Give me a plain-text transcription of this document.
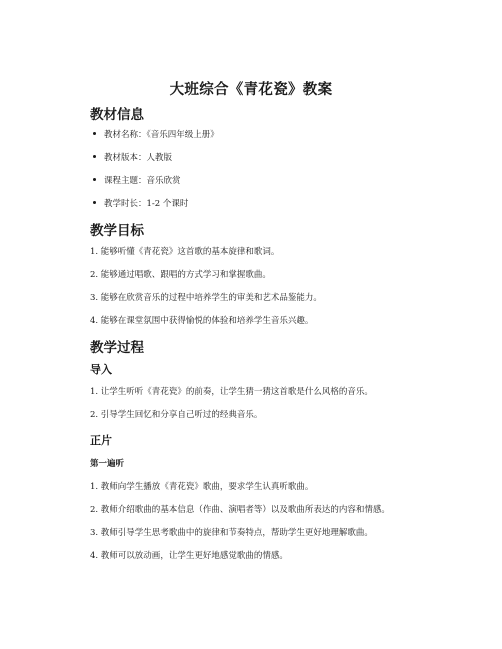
大班综合《青花瓷》教案
教材信息
教材名称：《音乐四年级上册》
教材版本：人教版
课程主题：音乐欣赏
教学时长：1-2 个课时
教学目标
1. 能够听懂《青花瓷》这首歌的基本旋律和歌词。
2. 能够通过唱歌、跟唱的方式学习和掌握歌曲。
3. 能够在欣赏音乐的过程中培养学生的审美和艺术品鉴能力。
4. 能够在课堂氛围中获得愉悦的体验和培养学生音乐兴趣。
教学过程
导入
1. 让学生听听《青花瓷》的前奏，让学生猜一猜这首歌是什么风格的音乐。
2. 引导学生回忆和分享自己听过的经典音乐。
正片
第一遍听
1. 教师向学生播放《青花瓷》歌曲，要求学生认真听歌曲。
2. 教师介绍歌曲的基本信息（作曲、演唱者等）以及歌曲所表达的内容和情感。
3. 教师引导学生思考歌曲中的旋律和节奏特点，帮助学生更好地理解歌曲。
4. 教师可以放动画，让学生更好地感觉歌曲的情感。
